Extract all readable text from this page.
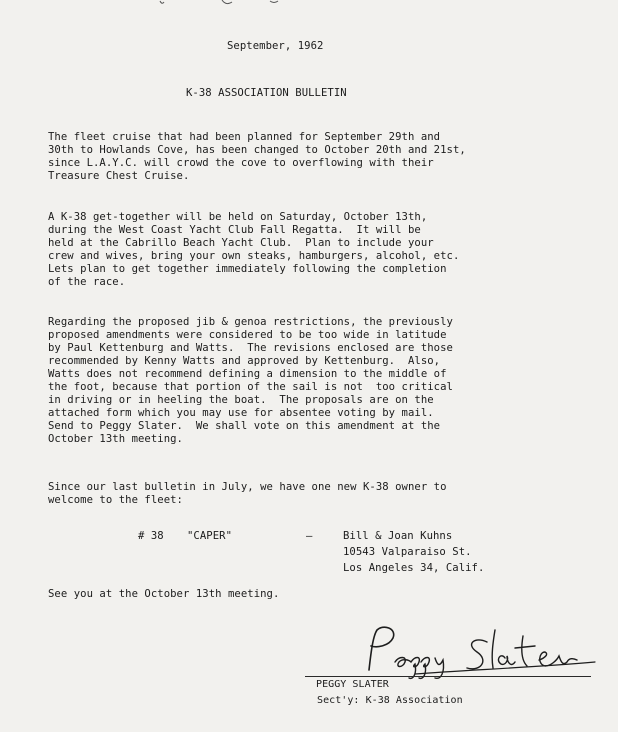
September, 1962
K-38 ASSOCIATION BULLETIN
The fleet cruise that had been planned for September 29th and
30th to Howlands Cove, has been changed to October 20th and 21st,
since L.A.Y.C. will crowd the cove to overflowing with their
Treasure Chest Cruise.
A K-38 get-together will be held on Saturday, October 13th,
during the West Coast Yacht Club Fall Regatta.  It will be
held at the Cabrillo Beach Yacht Club.  Plan to include your
crew and wives, bring your own steaks, hamburgers, alcohol, etc.
Lets plan to get together immediately following the completion
of the race.
Regarding the proposed jib & genoa restrictions, the previously
proposed amendments were considered to be too wide in latitude
by Paul Kettenburg and Watts.  The revisions enclosed are those
recommended by Kenny Watts and approved by Kettenburg.  Also,
Watts does not recommend defining a dimension to the middle of
the foot, because that portion of the sail is not  too critical
in driving or in heeling the boat.  The proposals are on the
attached form which you may use for absentee voting by mail.
Send to Peggy Slater.  We shall vote on this amendment at the
October 13th meeting.
Since our last bulletin in July, we have one new K-38 owner to
welcome to the fleet:
# 38 "CAPER"	—	Bill & Joan Kuhns
10543 Valparaiso St.
Los Angeles 34, Calif.
See you at the October 13th meeting.
PEGGY SLATER
Sect'y: K-38 Association
